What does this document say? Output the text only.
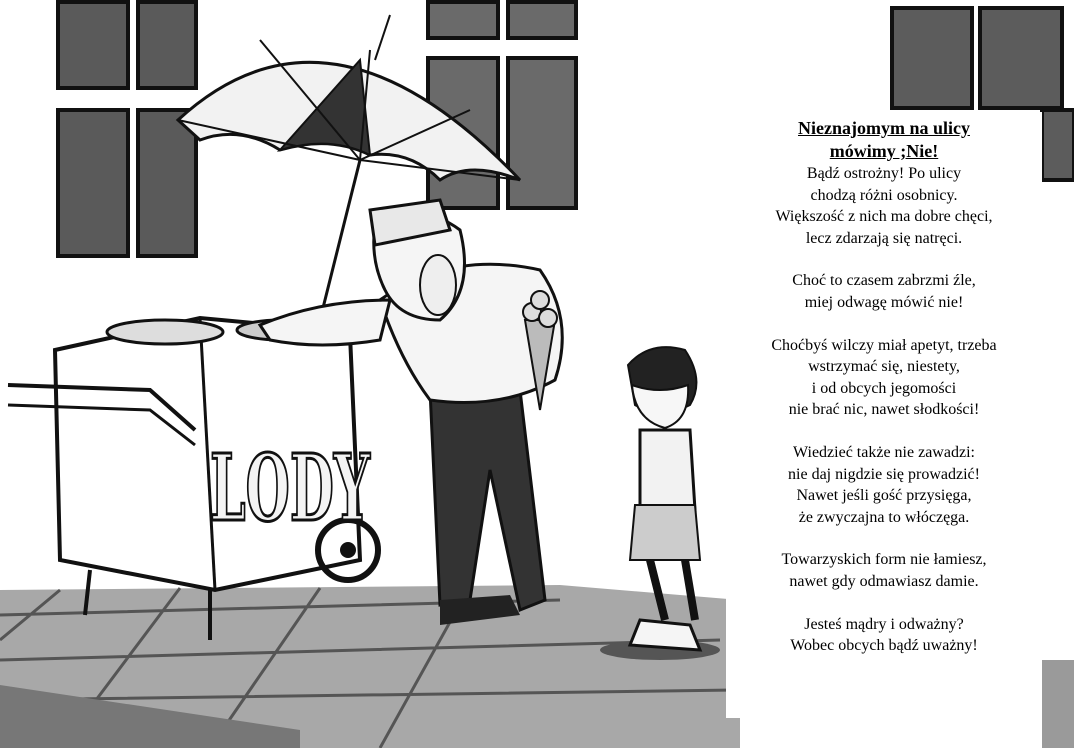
LODY
Nieznajomym na ulicy
mówimy ;Nie!
Bądź ostrożny! Po ulicy
chodzą różni osobnicy.
Większość z nich ma dobre chęci,
lecz zdarzają się natręci.
Choć to czasem zabrzmi źle,
miej odwagę mówić nie!
Choćbyś wilczy miał apetyt, trzeba
wstrzymać się, niestety,
i od obcych jegomości
nie brać nic, nawet słodkości!
Wiedzieć także nie zawadzi:
nie daj nigdzie się prowadzić!
Nawet jeśli gość przysięga,
że zwyczajna to włóczęga.
Towarzyskich form nie łamiesz,
nawet gdy odmawiasz damie.
Jesteś mądry i odważny?
Wobec obcych bądź uważny!
